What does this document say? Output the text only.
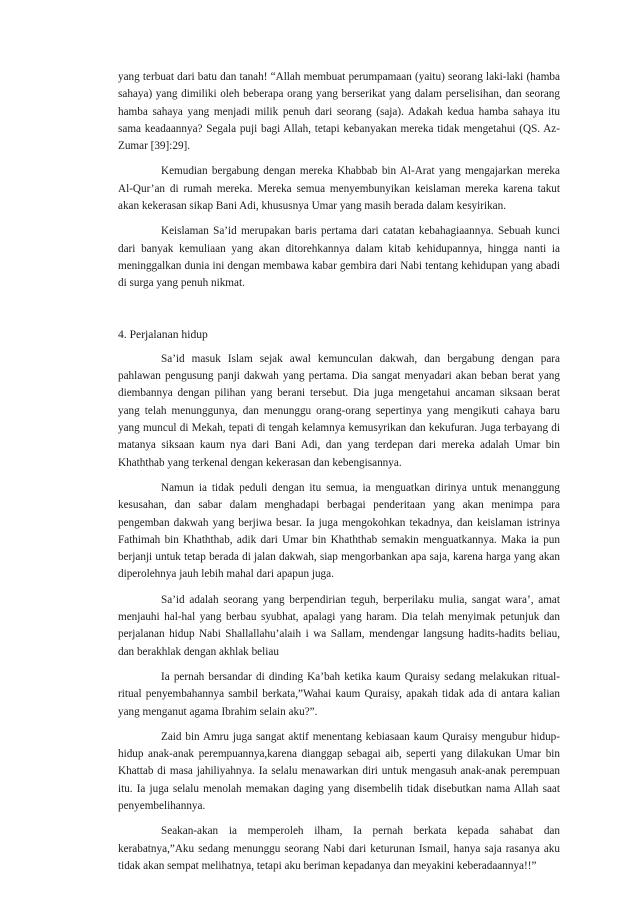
yang terbuat dari batu dan tanah! “Allah membuat perumpamaan (yaitu) seorang laki-laki (hamba sahaya) yang dimiliki oleh beberapa orang yang berserikat yang dalam perselisihan, dan seorang hamba sahaya yang menjadi milik penuh dari seorang (saja). Adakah kedua hamba sahaya itu sama keadaannya? Segala puji bagi Allah, tetapi kebanyakan mereka tidak mengetahui (QS. Az-Zumar [39]:29].

Kemudian bergabung dengan mereka Khabbab bin Al-Arat yang mengajarkan mereka Al-Qur’an di rumah mereka. Mereka semua menyembunyikan keislaman mereka karena takut akan kekerasan sikap Bani Adi, khususnya Umar yang masih berada dalam kesyirikan.

Keislaman Sa’id merupakan baris pertama dari catatan kebahagiaannya. Sebuah kunci dari banyak kemuliaan yang akan ditorehkannya dalam kitab kehidupannya, hingga nanti ia meninggalkan dunia ini dengan membawa kabar gembira dari Nabi tentang kehidupan yang abadi di surga yang penuh nikmat.

4. Perjalanan hidup

Sa’id masuk Islam sejak awal kemunculan dakwah, dan bergabung dengan para pahlawan pengusung panji dakwah yang pertama. Dia sangat menyadari akan beban berat yang diembannya dengan pilihan yang berani tersebut. Dia juga mengetahui ancaman siksaan berat yang telah menunggunya, dan menunggu orang-orang sepertinya yang mengikuti cahaya baru yang muncul di Mekah, tepati di tengah kelamnya kemusyrikan dan kekufuran. Juga terbayang di matanya siksaan kaum nya dari Bani Adi, dan yang terdepan dari mereka adalah Umar bin Khaththab yang terkenal dengan kekerasan dan kebengisannya.

Namun ia tidak peduli dengan itu semua, ia menguatkan dirinya untuk menanggung kesusahan, dan sabar dalam menghadapi berbagai penderitaan yang akan menimpa para pengemban dakwah yang berjiwa besar. Ia juga mengokohkan tekadnya, dan keislaman istrinya Fathimah bin Khaththab, adik dari Umar bin Khaththab semakin menguatkannya. Maka ia pun berjanji untuk tetap berada di jalan dakwah, siap mengorbankan apa saja, karena harga yang akan diperolehnya jauh lebih mahal dari apapun juga.

Sa’id adalah seorang yang berpendirian teguh, berperilaku mulia, sangat wara’, amat menjauhi hal-hal yang berbau syubhat, apalagi yang haram. Dia telah menyimak petunjuk dan perjalanan hidup Nabi Shallallahu’alaih i wa Sallam, mendengar langsung hadits-hadits beliau, dan berakhlak dengan akhlak beliau

Ia pernah bersandar di dinding Ka’bah ketika kaum Quraisy sedang melakukan ritual-ritual penyembahannya sambil berkata,”Wahai kaum Quraisy, apakah tidak ada di antara kalian yang menganut agama Ibrahim selain aku?”.

Zaid bin Amru juga sangat aktif menentang kebiasaan kaum Quraisy mengubur hidup-hidup anak-anak perempuannya,karena dianggap sebagai aib, seperti yang dilakukan Umar bin Khattab di masa jahiliyahnya. Ia selalu menawarkan diri untuk mengasuh anak-anak perempuan itu. Ia juga selalu menolah memakan daging yang disembelih tidak disebutkan nama Allah saat penyembelihannya.

Seakan-akan ia memperoleh ilham, Ia pernah berkata kepada sahabat dan kerabatnya,”Aku sedang menunggu seorang Nabi dari keturunan Ismail, hanya saja rasanya aku tidak akan sempat melihatnya, tetapi aku beriman kepadanya dan meyakini keberadaannya!!”
